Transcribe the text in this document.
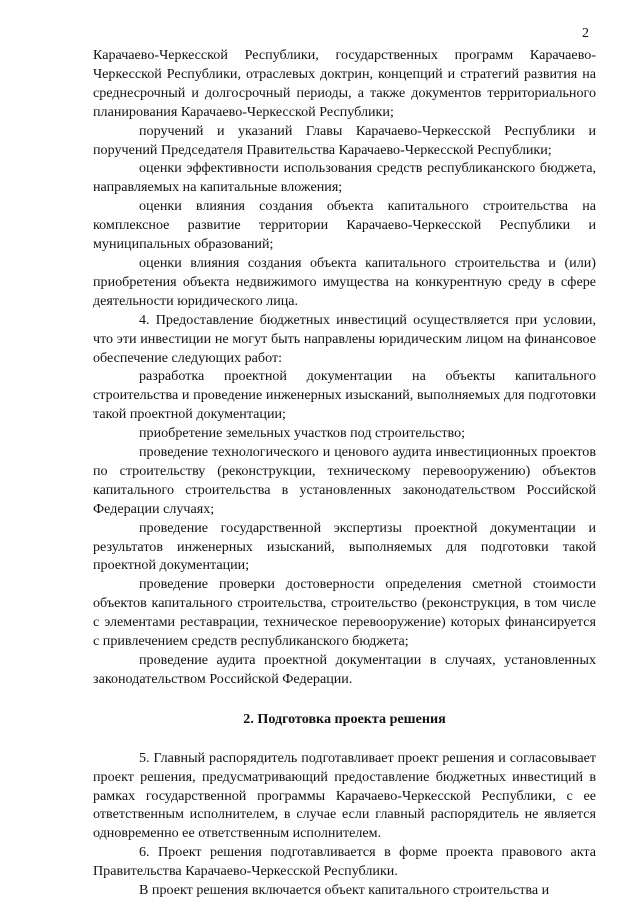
2

Карачаево-Черкесской Республики, государственных программ Карачаево-Черкесской Республики, отраслевых доктрин, концепций и стратегий развития на среднесрочный и долгосрочный периоды, а также документов территориального планирования Карачаево-Черкесской Республики;

поручений и указаний Главы Карачаево-Черкесской Республики и поручений Председателя Правительства Карачаево-Черкесской Республики;

оценки эффективности использования средств республиканского бюджета, направляемых на капитальные вложения;

оценки влияния создания объекта капитального строительства на комплексное развитие территории Карачаево-Черкесской Республики и муниципальных образований;

оценки влияния создания объекта капитального строительства и (или) приобретения объекта недвижимого имущества на конкурентную среду в сфере деятельности юридического лица.

4. Предоставление бюджетных инвестиций осуществляется при условии, что эти инвестиции не могут быть направлены юридическим лицом на финансовое обеспечение следующих работ:

разработка проектной документации на объекты капитального строительства и проведение инженерных изысканий, выполняемых для подготовки такой проектной документации;

приобретение земельных участков под строительство;

проведение технологического и ценового аудита инвестиционных проектов по строительству (реконструкции, техническому перевооружению) объектов капитального строительства в установленных законодательством Российской Федерации случаях;

проведение государственной экспертизы проектной документации и результатов инженерных изысканий, выполняемых для подготовки такой проектной документации;

проведение проверки достоверности определения сметной стоимости объектов капитального строительства, строительство (реконструкция, в том числе с элементами реставрации, техническое перевооружение) которых финансируется с привлечением средств республиканского бюджета;

проведение аудита проектной документации в случаях, установленных законодательством Российской Федерации.

2. Подготовка проекта решения

5. Главный распорядитель подготавливает проект решения и согласовывает проект решения, предусматривающий предоставление бюджетных инвестиций в рамках государственной программы Карачаево-Черкесской Республики, с ее ответственным исполнителем, в случае если главный распорядитель не является одновременно ее ответственным исполнителем.

6. Проект решения подготавливается в форме проекта правового акта Правительства Карачаево-Черкесской Республики.

В проект решения включается объект капитального строительства и
